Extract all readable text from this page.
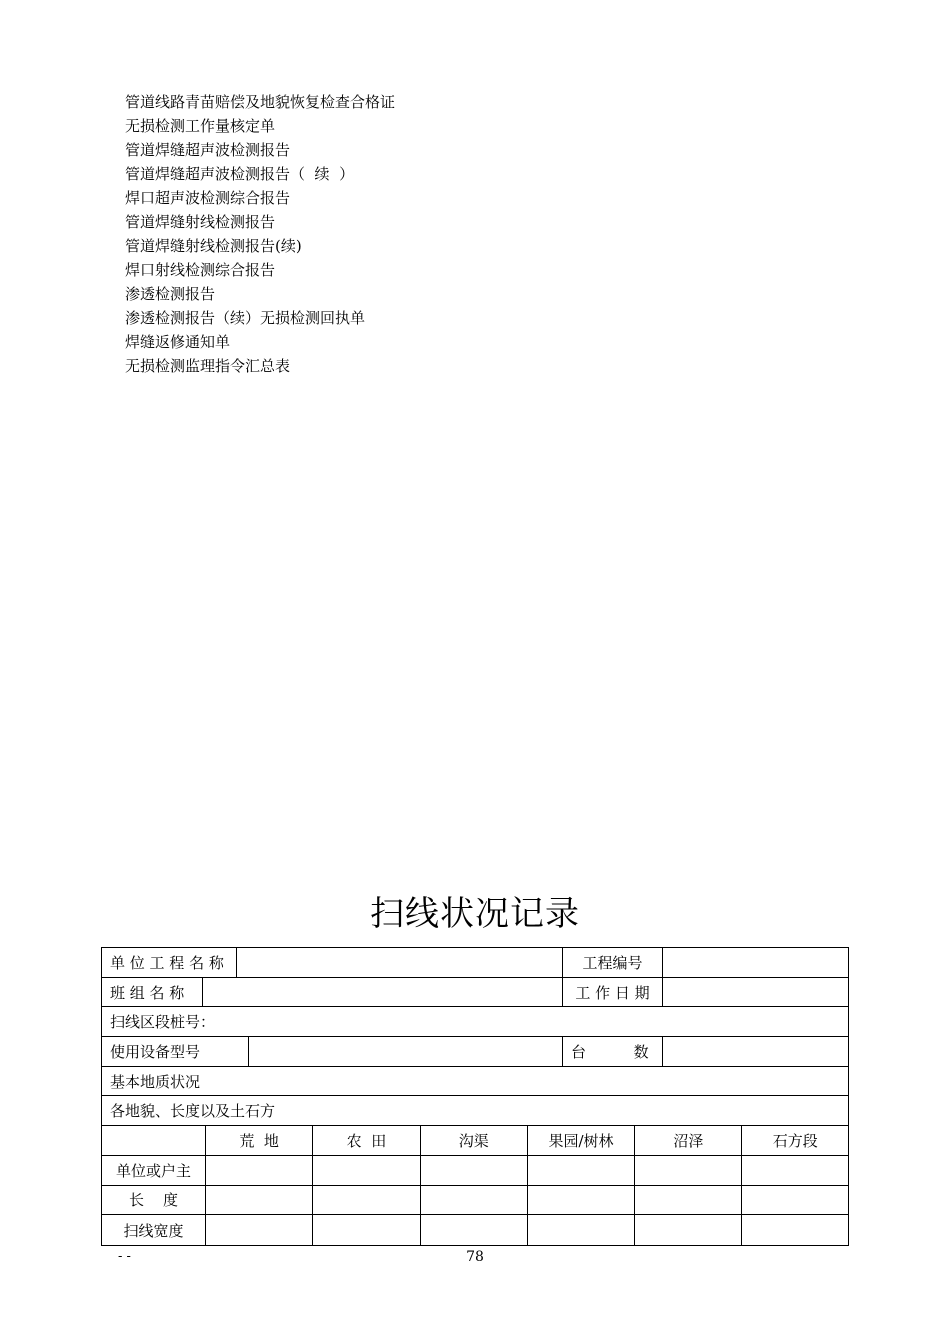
管道线路青苗赔偿及地貌恢复检查合格证
无损检测工作量核定单
管道焊缝超声波检测报告
管道焊缝超声波检测报告（  续  ）
焊口超声波检测综合报告
管道焊缝射线检测报告
管道焊缝射线检测报告(续)
焊口射线检测综合报告
渗透检测报告
渗透检测报告（续）无损检测回执单
焊缝返修通知单
无损检测监理指令汇总表
扫线状况记录
单 位 工 程 名 称	工程编号
班 组 名 称	工 作 日 期
扫线区段桩号：
使用设备型号	台          数
基本地质状况
各地貌、长度以及土石方
荒  地	农  田	沟渠	果园/树林	沼泽	石方段
单位或户主
长    度
扫线宽度
- -	78
